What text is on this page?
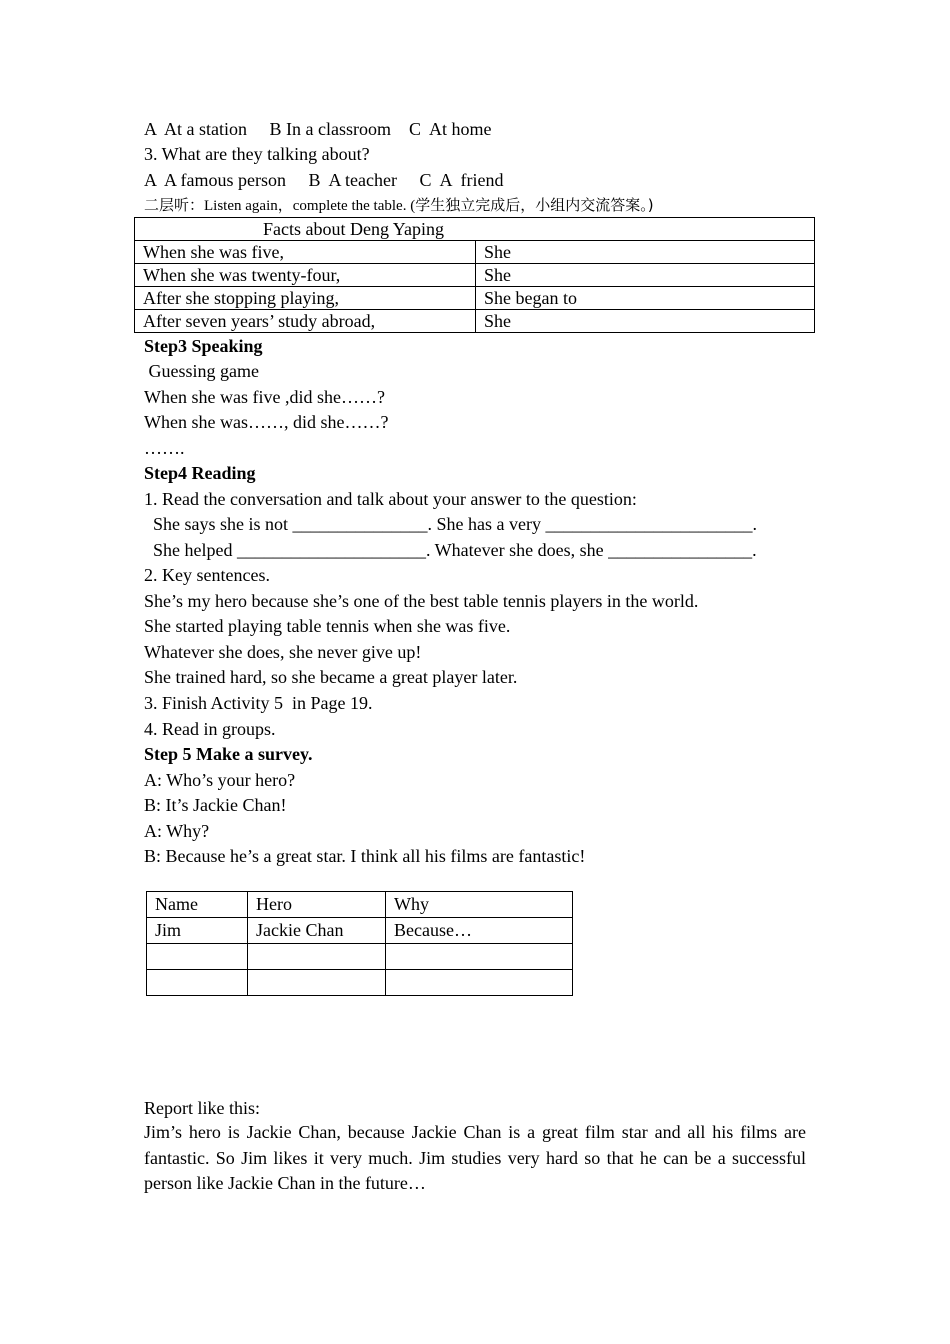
A  At a station     B In a classroom    C  At home
3. What are they talking about?
A  A famous person     B  A teacher     C  A  friend
二层听：Listen again，complete the table. (学生独立完成后，小组内交流答案。)
Facts about Deng Yaping	
When she was five,	She
When she was twenty-four,	She
After she stopping playing,	She began to
After seven years’ study abroad,	She
Step3 Speaking
Guessing game
When she was five ,did she……?
When she was……, did she……?
…….
Step4 Reading
1. Read the conversation and talk about your answer to the question:
She says she is not _______________. She has a very _______________________.
She helped _____________________. Whatever she does, she ________________.
2. Key sentences.
She’s my hero because she’s one of the best table tennis players in the world.
She started playing table tennis when she was five.
Whatever she does, she never give up!
She trained hard, so she became a great player later.
3. Finish Activity 5  in Page 19.
4. Read in groups.
Step 5 Make a survey.
A: Who’s your hero?
B: It’s Jackie Chan!
A: Why?
B: Because he’s a great star. I think all his films are fantastic!
Name	Hero	Why
Jim	Jackie Chan	Because…

Report like this:
Jim’s hero is Jackie Chan, because Jackie Chan is a great film star and all his films are fantastic. So Jim likes it very much. Jim studies very hard so that he can be a successful person like Jackie Chan in the future…
